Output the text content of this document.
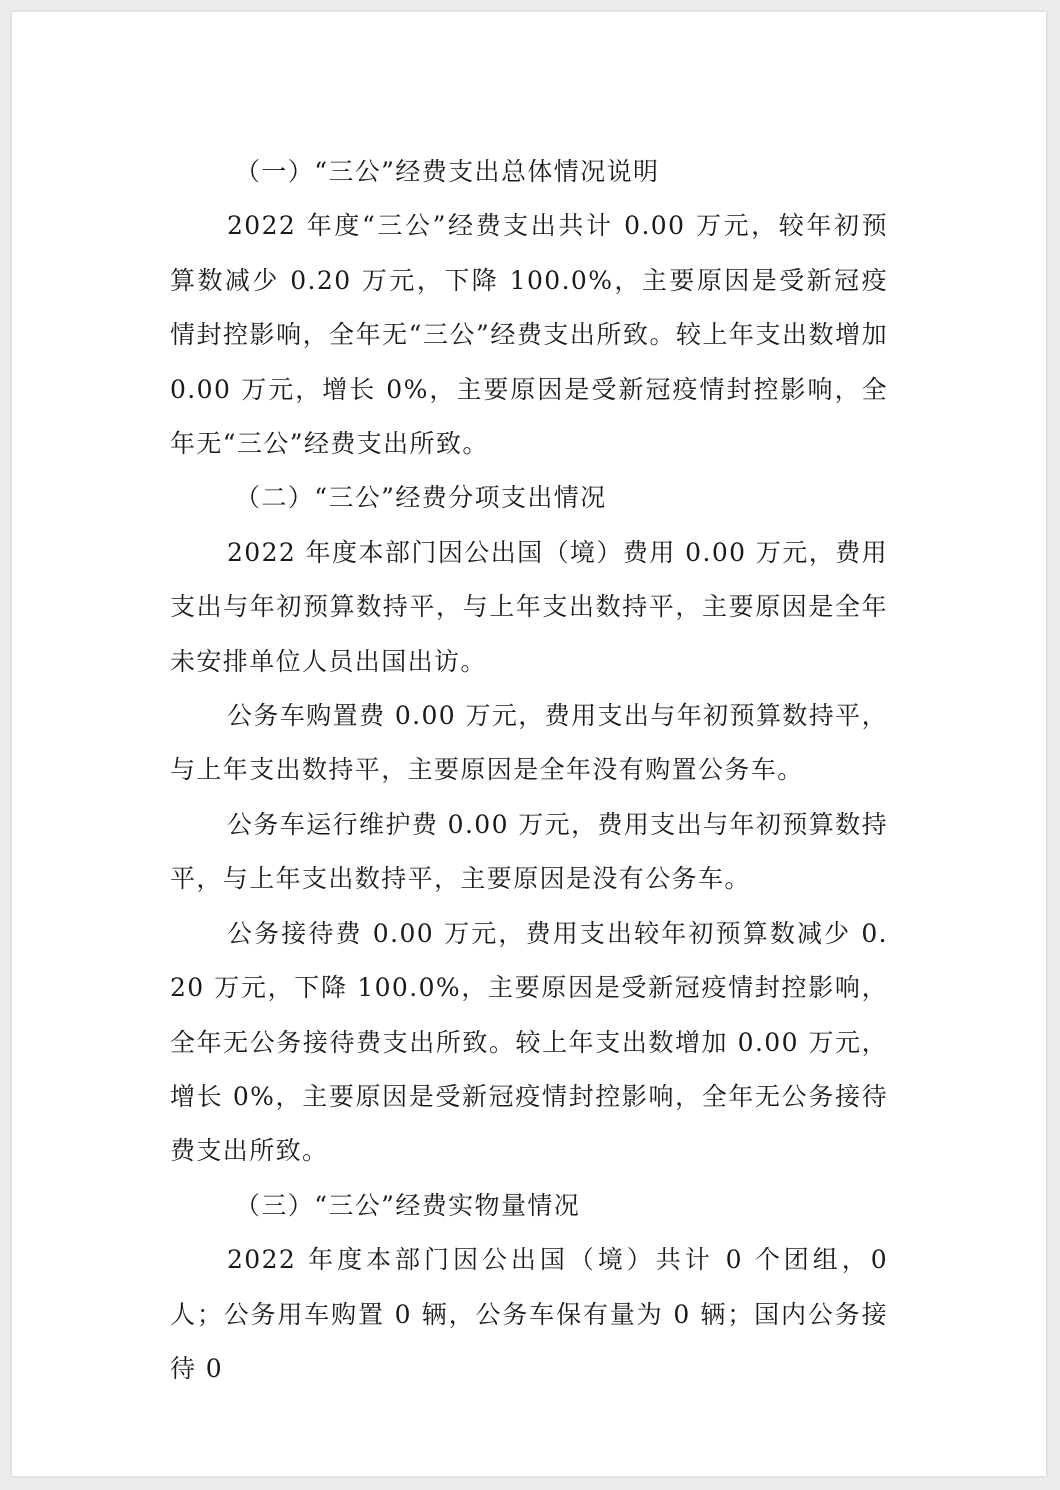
（一）“三公”经费支出总体情况说明

2022 年度“三公”经费支出共计 0.00 万元，较年初预算数减少 0.20 万元，下降 100.0%，主要原因是受新冠疫情封控影响，全年无“三公”经费支出所致。较上年支出数增加 0.00 万元，增长 0%，主要原因是受新冠疫情封控影响，全年无“三公”经费支出所致。

（二）“三公”经费分项支出情况

2022 年度本部门因公出国（境）费用 0.00 万元，费用支出与年初预算数持平，与上年支出数持平，主要原因是全年未安排单位人员出国出访。

公务车购置费 0.00 万元，费用支出与年初预算数持平，与上年支出数持平，主要原因是全年没有购置公务车。

公务车运行维护费 0.00 万元，费用支出与年初预算数持平，与上年支出数持平，主要原因是没有公务车。

公务接待费 0.00 万元，费用支出较年初预算数减少 0.20 万元，下降 100.0%，主要原因是受新冠疫情封控影响，全年无公务接待费支出所致。较上年支出数增加 0.00 万元，增长 0%，主要原因是受新冠疫情封控影响，全年无公务接待费支出所致。

（三）“三公”经费实物量情况

2022 年度本部门因公出国（境）共计 0 个团组，0 人；公务用车购置 0 辆，公务车保有量为 0 辆；国内公务接待 0
